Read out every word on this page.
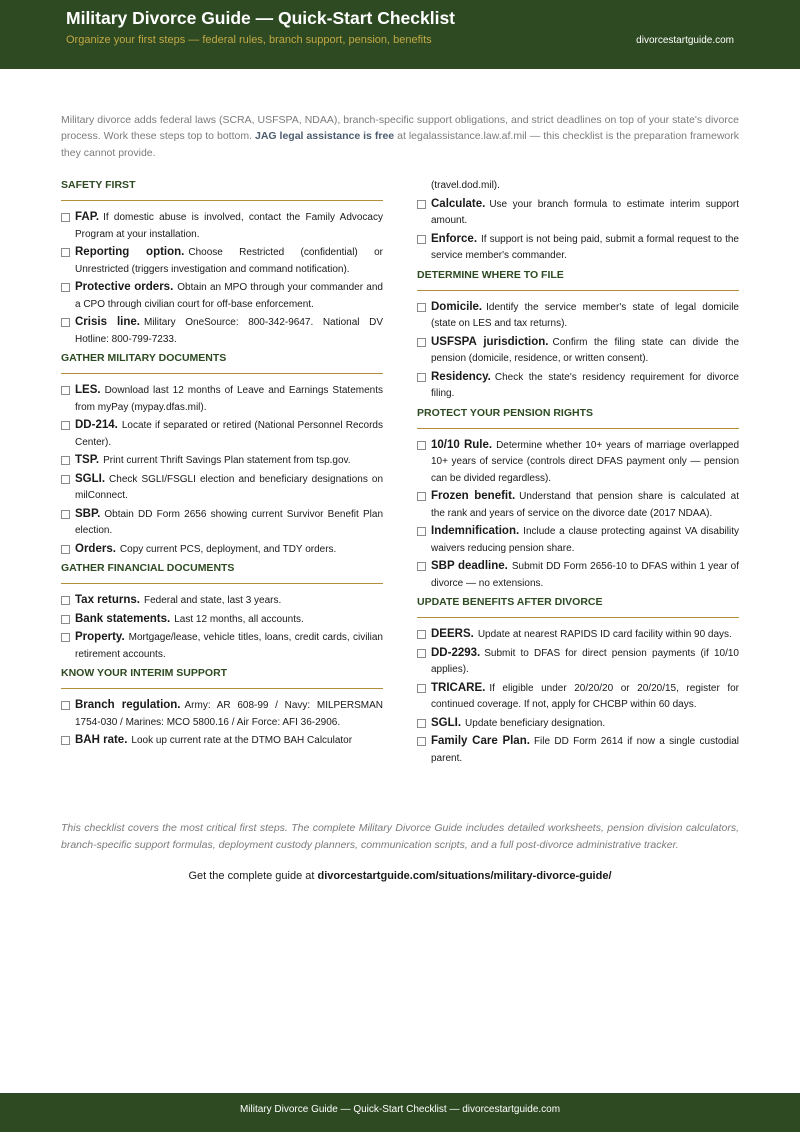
Military Divorce Guide — Quick-Start Checklist
Organize your first steps — federal rules, branch support, pension, benefits	divorcestartguide.com
Military divorce adds federal laws (SCRA, USFSPA, NDAA), branch-specific support obligations, and strict deadlines on top of your state's divorce process. Work these steps top to bottom. JAG legal assistance is free at legalassistance.law.af.mil — this checklist is the preparation framework they cannot provide.
SAFETY FIRST
FAP. If domestic abuse is involved, contact the Family Advocacy Program at your installation.
Reporting option. Choose Restricted (confidential) or Unrestricted (triggers investigation and command notification).
Protective orders. Obtain an MPO through your commander and a CPO through civilian court for off-base enforcement.
Crisis line. Military OneSource: 800-342-9647. National DV Hotline: 800-799-7233.
GATHER MILITARY DOCUMENTS
LES. Download last 12 months of Leave and Earnings Statements from myPay (mypay.dfas.mil).
DD-214. Locate if separated or retired (National Personnel Records Center).
TSP. Print current Thrift Savings Plan statement from tsp.gov.
SGLI. Check SGLI/FSGLI election and beneficiary designations on milConnect.
SBP. Obtain DD Form 2656 showing current Survivor Benefit Plan election.
Orders. Copy current PCS, deployment, and TDY orders.
GATHER FINANCIAL DOCUMENTS
Tax returns. Federal and state, last 3 years.
Bank statements. Last 12 months, all accounts.
Property. Mortgage/lease, vehicle titles, loans, credit cards, civilian retirement accounts.
KNOW YOUR INTERIM SUPPORT
Branch regulation. Army: AR 608-99 / Navy: MILPERSMAN 1754-030 / Marines: MCO 5800.16 / Air Force: AFI 36-2906.
BAH rate. Look up current rate at the DTMO BAH Calculator
(travel.dod.mil).
Calculate. Use your branch formula to estimate interim support amount.
Enforce. If support is not being paid, submit a formal request to the service member's commander.
DETERMINE WHERE TO FILE
Domicile. Identify the service member's state of legal domicile (state on LES and tax returns).
USFSPA jurisdiction. Confirm the filing state can divide the pension (domicile, residence, or written consent).
Residency. Check the state's residency requirement for divorce filing.
PROTECT YOUR PENSION RIGHTS
10/10 Rule. Determine whether 10+ years of marriage overlapped 10+ years of service (controls direct DFAS payment only — pension can be divided regardless).
Frozen benefit. Understand that pension share is calculated at the rank and years of service on the divorce date (2017 NDAA).
Indemnification. Include a clause protecting against VA disability waivers reducing pension share.
SBP deadline. Submit DD Form 2656-10 to DFAS within 1 year of divorce — no extensions.
UPDATE BENEFITS AFTER DIVORCE
DEERS. Update at nearest RAPIDS ID card facility within 90 days.
DD-2293. Submit to DFAS for direct pension payments (if 10/10 applies).
TRICARE. If eligible under 20/20/20 or 20/20/15, register for continued coverage. If not, apply for CHCBP within 60 days.
SGLI. Update beneficiary designation.
Family Care Plan. File DD Form 2614 if now a single custodial parent.
This checklist covers the most critical first steps. The complete Military Divorce Guide includes detailed worksheets, pension division calculators, branch-specific support formulas, deployment custody planners, communication scripts, and a full post-divorce administrative tracker.
Get the complete guide at divorcestartguide.com/situations/military-divorce-guide/
Military Divorce Guide — Quick-Start Checklist — divorcestartguide.com
